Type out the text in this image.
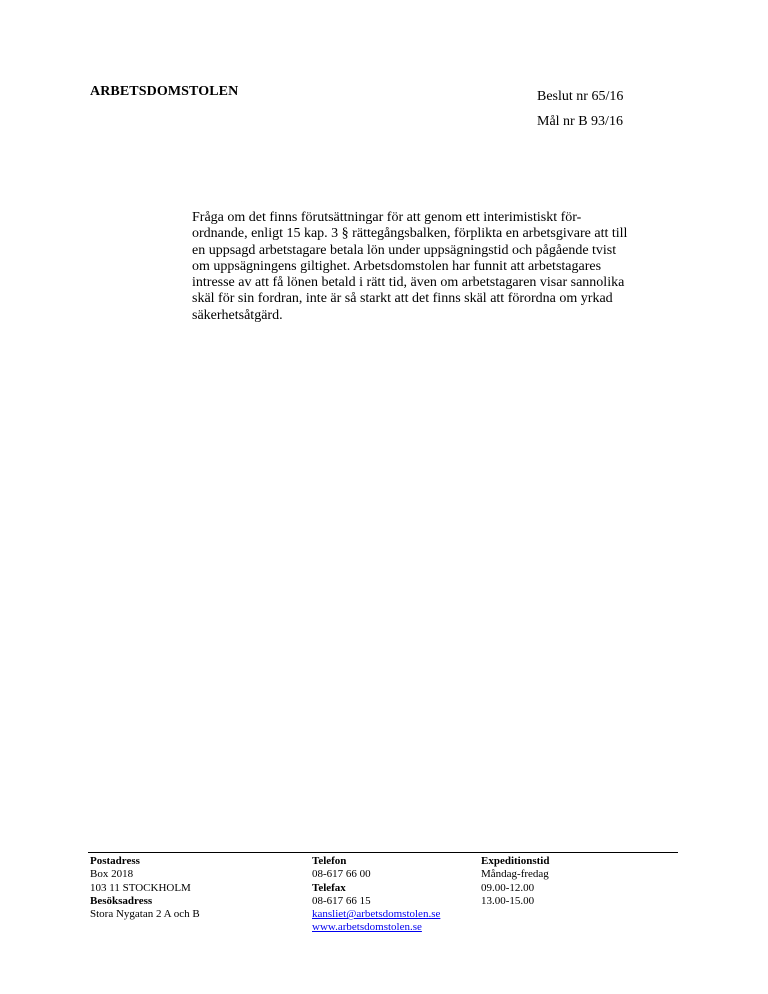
ARBETSDOMSTOLEN	Beslut nr 65/16
Mål nr B 93/16

Fråga om det finns förutsättningar för att genom ett interimistiskt för-
ordnande, enligt 15 kap. 3 § rättegångsbalken, förplikta en arbetsgivare att till
en uppsagd arbetstagare betala lön under uppsägningstid och pågående tvist
om uppsägningens giltighet. Arbetsdomstolen har funnit att arbetstagares
intresse av att få lönen betald i rätt tid, även om arbetstagaren visar sannolika
skäl för sin fordran, inte är så starkt att det finns skäl att förordna om yrkad
säkerhetsåtgärd.

Postadress
Box 2018
103 11 STOCKHOLM
Besöksadress
Stora Nygatan 2 A och B
Telefon
08-617 66 00
Telefax
08-617 66 15
kansliet@arbetsdomstolen.se
www.arbetsdomstolen.se
Expeditionstid
Måndag-fredag
09.00-12.00
13.00-15.00
